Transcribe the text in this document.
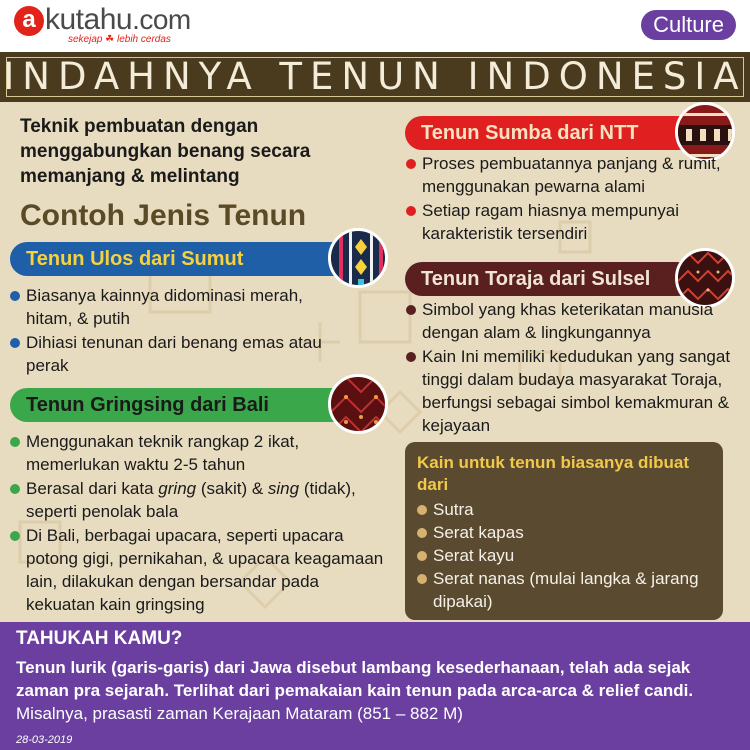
a kutahu.com
sekejap ☘ lebih cerdas
Culture
INDAHNYA TENUN INDONESIA
Teknik pembuatan dengan menggabungkan benang secara memanjang & melintang
Contoh Jenis Tenun
Tenun Ulos dari Sumut
Biasanya kainnya didominasi merah, hitam, & putih
Dihiasi tenunan dari benang emas atau perak
Tenun Gringsing dari Bali
Menggunakan teknik rangkap 2 ikat, memerlukan waktu 2-5 tahun
Berasal dari kata gring (sakit) & sing (tidak), seperti penolak bala
Di Bali, berbagai upacara, seperti upacara potong gigi, pernikahan, & upacara keagamaan lain, dilakukan dengan bersandar pada kekuatan kain gringsing
Tenun Sumba dari NTT
Proses pembuatannya panjang & rumit, menggunakan pewarna alami
Setiap ragam hiasnya mempunyai karakteristik tersendiri
Tenun Toraja dari Sulsel
Simbol yang khas keterikatan manusia dengan alam & lingkungannya
Kain Ini memiliki kedudukan yang sangat tinggi dalam budaya masyarakat Toraja, berfungsi sebagai simbol kemakmuran & kejayaan
Kain untuk tenun biasanya dibuat dari
Sutra
Serat kapas
Serat kayu
Serat nanas (mulai langka & jarang dipakai)
TAHUKAH KAMU?
Tenun lurik (garis-garis) dari Jawa disebut lambang kesederhanaan, telah ada sejak zaman pra sejarah. Terlihat dari pemakaian kain tenun pada arca-arca & relief candi. Misalnya, prasasti zaman Kerajaan Mataram (851 – 882 M)
28-03-2019
